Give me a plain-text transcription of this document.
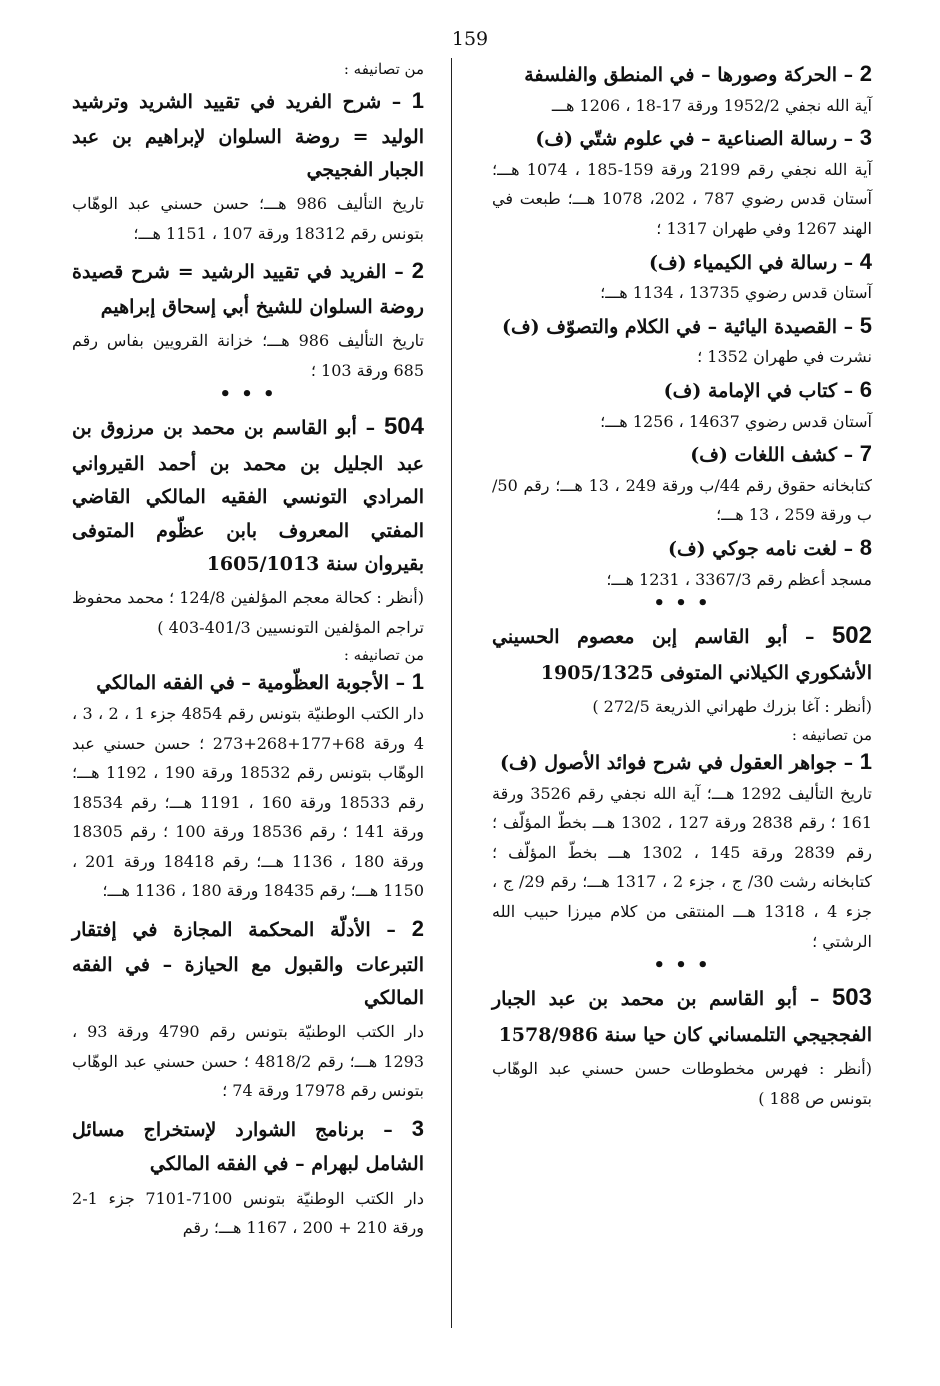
159
2 – الحركة وصورها – في المنطق والفلسفة
آية الله نجفي 1952/2 ورقة 17-18 ، 1206 هـــ
3 – رسالة الصناعية – في علوم شتّي (ف)
آية الله نجفي رقم 2199 ورقة 159-185 ، 1074 هـــ؛ آستان قدس رضوي 787 ، 202، 1078 هـــ؛ طبعت في الهند 1267 وفي طهران 1317 ؛
4 – رسالة في الكيمياء (ف)
آستان قدس رضوي 13735 ، 1134 هـــ؛
5 – القصيدة اليائية – في الكلام والتصوّف (ف)
نشرت في طهران 1352 ؛
6 – كتاب في الإمامة (ف)
آستان قدس رضوي 14637 ، 1256 هـــ؛
7 – كشف اللغات (ف)
كتابخانه حقوق رقم 44/ب ورقة 249 ، 13 هـــ؛ رقم 50/ب ورقة 259 ، 13 هـــ؛
8 – لغت نامه جوكي (ف)
مسجد أعظم رقم 3367/3 ، 1231 هـــ؛
• • •
502 – أبو القاسم إبن معصوم الحسيني الأشكوري الكيلاني المتوفى 1905/1325
(أنظر : آغا بزرك طهراني الذريعة 272/5 )
من تصانيفه :
1 – جواهر العقول في شرح فوائد الأصول (ف)
تاريخ التأليف 1292 هـــ؛ آية الله نجفي رقم 3526 ورقة 161 ؛ رقم 2838 ورقة 127 ، 1302 هـــ بخطّ المؤلّف ؛ رقم 2839 ورقة 145 ، 1302 هـــ بخطّ المؤلّف ؛ كتابخانه رشت 30/ ج ، جزء 2 ، 1317 هـــ؛ رقم 29/ ج ، جزء 4 ، 1318 هـــ المنتقى من كلام ميرزا حبيب الله الرشتي ؛
• • •
503 – أبو القاسم بن محمد بن عبد الجبار الفججيجي التلمساني كان حيا سنة 1578/986
(أنظر : فهرس مخطوطات حسن حسني عبد الوهّاب بتونس ص 188 )
من تصانيفه :
1 – شرح الفريد في تقييد الشريد وترشيد الوليد = روضة السلوان لإبراهيم بن عبد الجبار الفجيجي
تاريخ التأليف 986 هـــ؛ حسن حسني عبد الوهّاب بتونس رقم 18312 ورقة 107 ، 1151 هـــ؛
2 – الفريد في تقييد الرشيد = شرح قصيدة روضة السلوان للشيخ أبي إسحاق إبراهيم
تاريخ التأليف 986 هـــ؛ خزانة القرويين بفاس رقم 685 ورقة 103 ؛
• • •
504 – أبو القاسم بن محمد بن مرزوق بن عبد الجليل بن محمد بن أحمد القيرواني المرادي التونسي الفقيه المالكي القاضي المفتي المعروف بابن عظّوم المتوفى بقيروان سنة 1605/1013
(أنظر : كحالة معجم المؤلفين 124/8 ؛ محمد محفوظ تراجم المؤلفين التونسيين 401/3-403 )
من تصانيفه :
1 – الأجوبة العظّومية – في الفقه المالكي
دار الكتب الوطنيّة بتونس رقم 4854 جزء 1 ، 2 ، 3 ، 4 ورقة 68+177+268+273 ؛ حسن حسني عبد الوهّاب بتونس رقم 18532 ورقة 190 ، 1192 هـــ؛ رقم 18533 ورقة 160 ، 1191 هـــ؛ رقم 18534 ورقة 141 ؛ رقم 18536 ورقة 100 ؛ رقم 18305 ورقة 180 ، 1136 هـــ؛ رقم 18418 ورقة 201 ، 1150 هـــ؛ رقم 18435 ورقة 180 ، 1136 هـــ؛
2 – الأدلّة المحكمة المجازة في إفتقار التبرعات والقبول مع الحيازة – في الفقه المالكي
دار الكتب الوطنيّة بتونس رقم 4790 ورقة 93 ، 1293 هـــ؛ رقم 4818/2 ؛ حسن حسني عبد الوهّاب بتونس رقم 17978 ورقة 74 ؛
3 – برنامج الشوارد لإستخراج مسائل الشامل لبهرام – في الفقه المالكي
دار الكتب الوطنيّة بتونس 7100-7101 جزء 1-2 ورقة 210 + 200 ، 1167 هـــ؛ رقم
